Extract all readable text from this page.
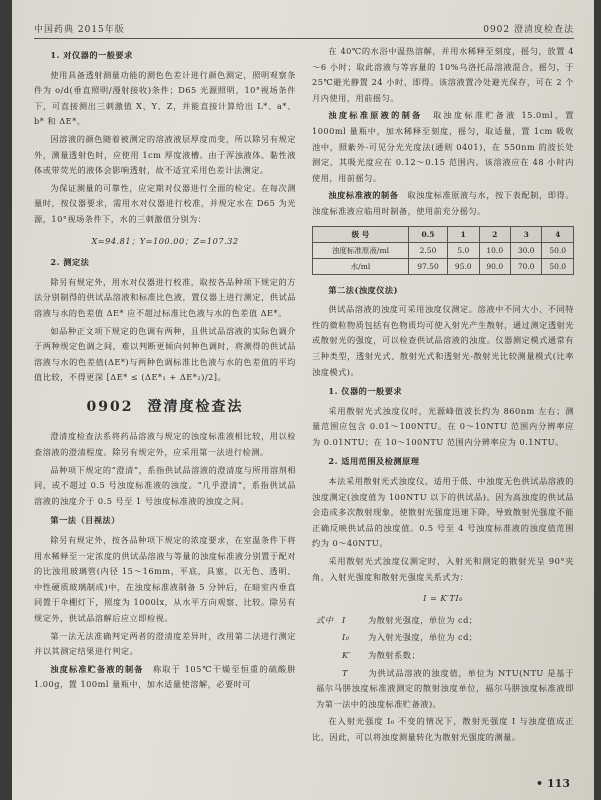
中国药典 2015年版	0902 澄清度检查法

1. 对仪器的一般要求

使用具备透射测量功能的测色色差计进行颜色测定，照明观察条件为 o/d(垂直照明/漫射接收)条件；D65 光源照明，10°视场条件下，可直接测出三刺激值 X、Y、Z，并能直接计算给出 L*、a*、b* 和 ΔE*。

因溶液的颜色随着被测定的溶液液层厚度而变，所以除另有规定外，测量透射色时，应使用 1cm 厚度液槽。由于浑浊液体、黏性液体或带荧光的液体会影响透射，故不适宜采用色差计法测定。

为保证测量的可靠性，应定期对仪器进行全面的检定。在每次测量时，按仪器要求，需用水对仪器进行校准，并规定水在 D65 为光源，10°视场条件下，水的三刺激值分别为：

X=94.81；Y=100.00；Z=107.32

2. 测定法

除另有规定外，用水对仪器进行校准，取按各品种项下规定的方法分别制得的供试品溶液和标准比色液，置仪器上进行测定，供试品溶液与水的色差值 ΔE* 应不超过标准比色液与水的色差值 ΔE*。

如品种正文项下规定的色调有两种，且供试品溶液的实际色调介于两种规定色调之间，难以判断更倾向何种色调时，将测得的供试品溶液与水的色差值(ΔE*)与两种色调标准比色液与水的色差值的平均值比较，不得更深 [ΔE* ≤ (ΔE*₁ + ΔE*₂)/2]。

0902 澄清度检查法

澄清度检查法系将药品溶液与规定的浊度标准液相比较，用以检查溶液的澄清程度。除另有规定外，应采用第一法进行检测。

品种项下规定的“澄清”，系指供试品溶液的澄清度与所用溶剂相同，或不超过 0.5 号浊度标准液的浊度。“几乎澄清”，系指供试品溶液的浊度介于 0.5 号至 1 号浊度标准液的浊度之间。

第一法（目视法）

除另有规定外，按各品种项下规定的浓度要求，在室温条件下将用水稀释至一定浓度的供试品溶液与等量的浊度标准液分别置于配对的比浊用玻璃管(内径 15～16mm，平底，具塞，以无色、透明、中性硬质玻璃制成)中，在浊度标准液制备 5 分钟后，在暗室内垂直同置于伞棚灯下，照度为 1000lx，从水平方向观察、比较。除另有规定外，供试品溶解后应立即检视。

第一法无法准确判定两者的澄清度差异时，改用第二法进行测定并以其测定结果进行判定。

浊度标准贮备液的制备　 称取于 105℃干燥至恒重的硫酸肼 1.00g，置 100ml 量瓶中，加水适量使溶解，必要时可

在 40℃的水浴中温热溶解，并用水稀释至刻度，摇匀，放置 4～6 小时；取此溶液与等容量的 10%乌洛托品溶液混合，摇匀，于 25℃避光静置 24 小时，即得。该溶液置冷处避光保存，可在 2 个月内使用，用前摇匀。

浊度标准原液的制备　 取浊度标准贮备液 15.0ml，置 1000ml 量瓶中，加水稀释至刻度，摇匀，取适量，置 1cm 吸收池中，照紫外-可见分光光度法(通则 0401)，在 550nm 的波长处测定，其吸光度应在 0.12～0.15 范围内。该溶液应在 48 小时内使用，用前摇匀。

浊度标准液的制备　 取浊度标准原液与水，按下表配制，即得。浊度标准液应临用时制备，使用前充分摇匀。

级 号	0.5	1	2	3	4
浊度标准原液/ml	2.50	5.0	10.0	30.0	50.0
水/ml	97.50	95.0	90.0	70.0	50.0

第二法(浊度仪法)

供试品溶液的浊度可采用浊度仪测定。溶液中不同大小、不同特性的微粒物质包括有色物质均可使入射光产生散射，通过测定透射光或散射光的强度，可以检查供试品溶液的浊度。仪器测定模式通常有三种类型，透射光式、散射光式和透射光-散射光比较测量模式(比率浊度模式)。

1. 仪器的一般要求

采用散射光式浊度仪时，光源峰值波长约为 860nm 左右；测量范围应包含 0.01～100NTU。在 0～10NTU 范围内分辨率应为 0.01NTU；在 10～100NTU 范围内分辨率应为 0.1NTU。

2. 适用范围及检测原理

本法采用散射光式浊度仪，适用于低、中浊度无色供试品溶液的浊度测定(浊度值为 100NTU 以下的供试品)。因为高浊度的供试品会造成多次散射现象，使散射光强度迅速下降，导致散射光强度不能正确反映供试品的浊度值。0.5 号至 4 号浊度标准液的浊度值范围约为 0～40NTU。

采用散射光式浊度仪测定时，入射光和测定的散射光呈 90°夹角，入射光强度和散射光强度关系式为：

I = K′TI₀

式中 I	为散射光强度，单位为 cd；

I₀ 为入射光强度，单位为 cd；

K′ 为散射系数；

T 为供试品溶液的浊度值，单位为 NTU(NTU 是基于福尔马肼浊度标准液测定的散射浊度单位，福尔马肼浊度标准液即为第一法中的浊度标准贮备液)。

在入射光强度 I₀ 不变的情况下，散射光强度 I 与浊度值成正比，因此，可以将浊度测量转化为散射光强度的测量。

• 113
